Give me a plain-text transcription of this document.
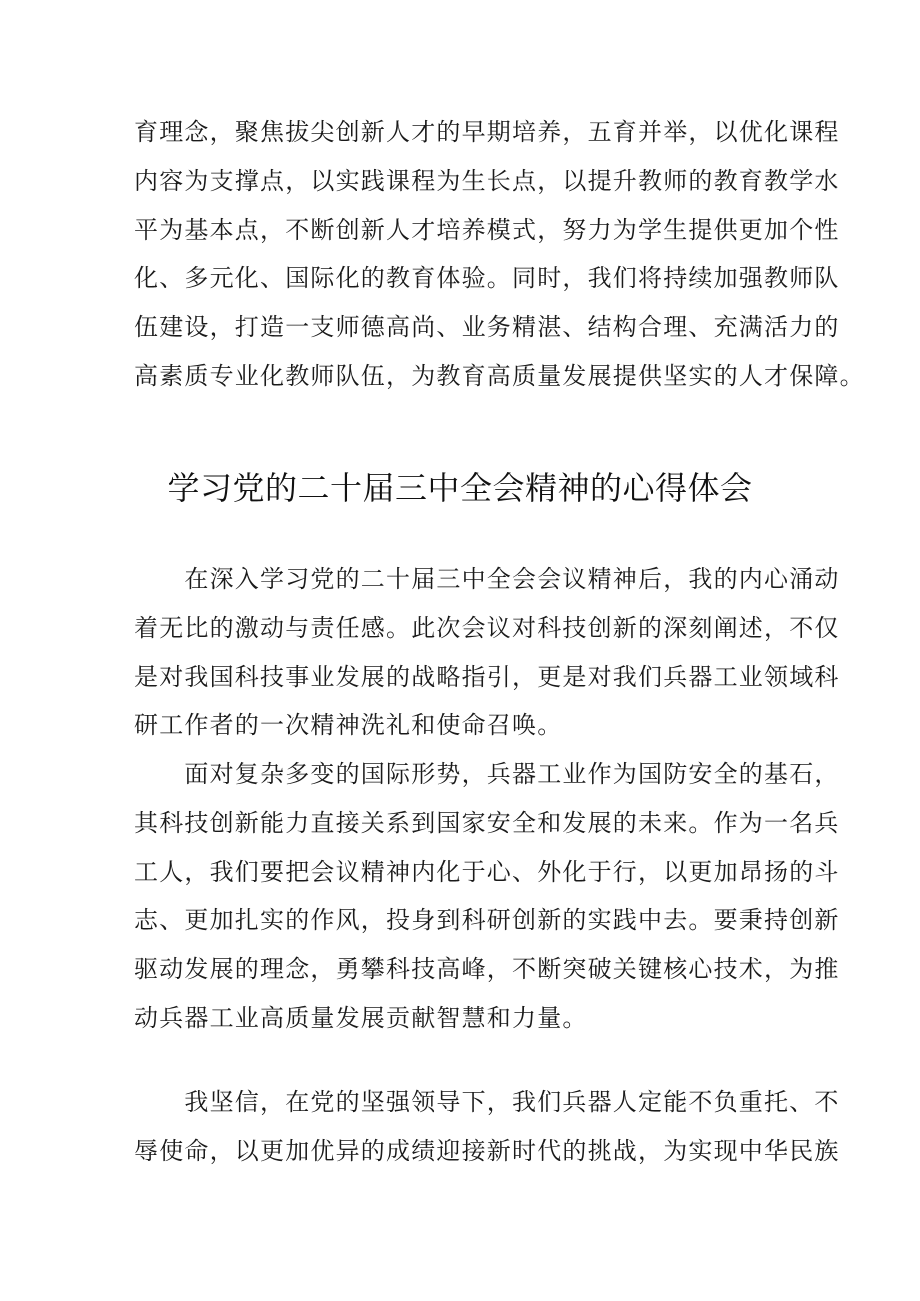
育理念，聚焦拔尖创新人才的早期培养，五育并举，以优化课程
内容为支撑点，以实践课程为生长点，以提升教师的教育教学水
平为基本点，不断创新人才培养模式，努力为学生提供更加个性
化、多元化、国际化的教育体验。同时，我们将持续加强教师队
伍建设，打造一支师德高尚、业务精湛、结构合理、充满活力的
高素质专业化教师队伍，为教育高质量发展提供坚实的人才保障。
学习党的二十届三中全会精神的心得体会
　　在深入学习党的二十届三中全会会议精神后，我的内心涌动
着无比的激动与责任感。此次会议对科技创新的深刻阐述，不仅
是对我国科技事业发展的战略指引，更是对我们兵器工业领域科
研工作者的一次精神洗礼和使命召唤。
　　面对复杂多变的国际形势，兵器工业作为国防安全的基石，
其科技创新能力直接关系到国家安全和发展的未来。作为一名兵
工人，我们要把会议精神内化于心、外化于行，以更加昂扬的斗
志、更加扎实的作风，投身到科研创新的实践中去。要秉持创新
驱动发展的理念，勇攀科技高峰，不断突破关键核心技术，为推
动兵器工业高质量发展贡献智慧和力量。
　　我坚信，在党的坚强领导下，我们兵器人定能不负重托、不
辱使命，以更加优异的成绩迎接新时代的挑战，为实现中华民族
